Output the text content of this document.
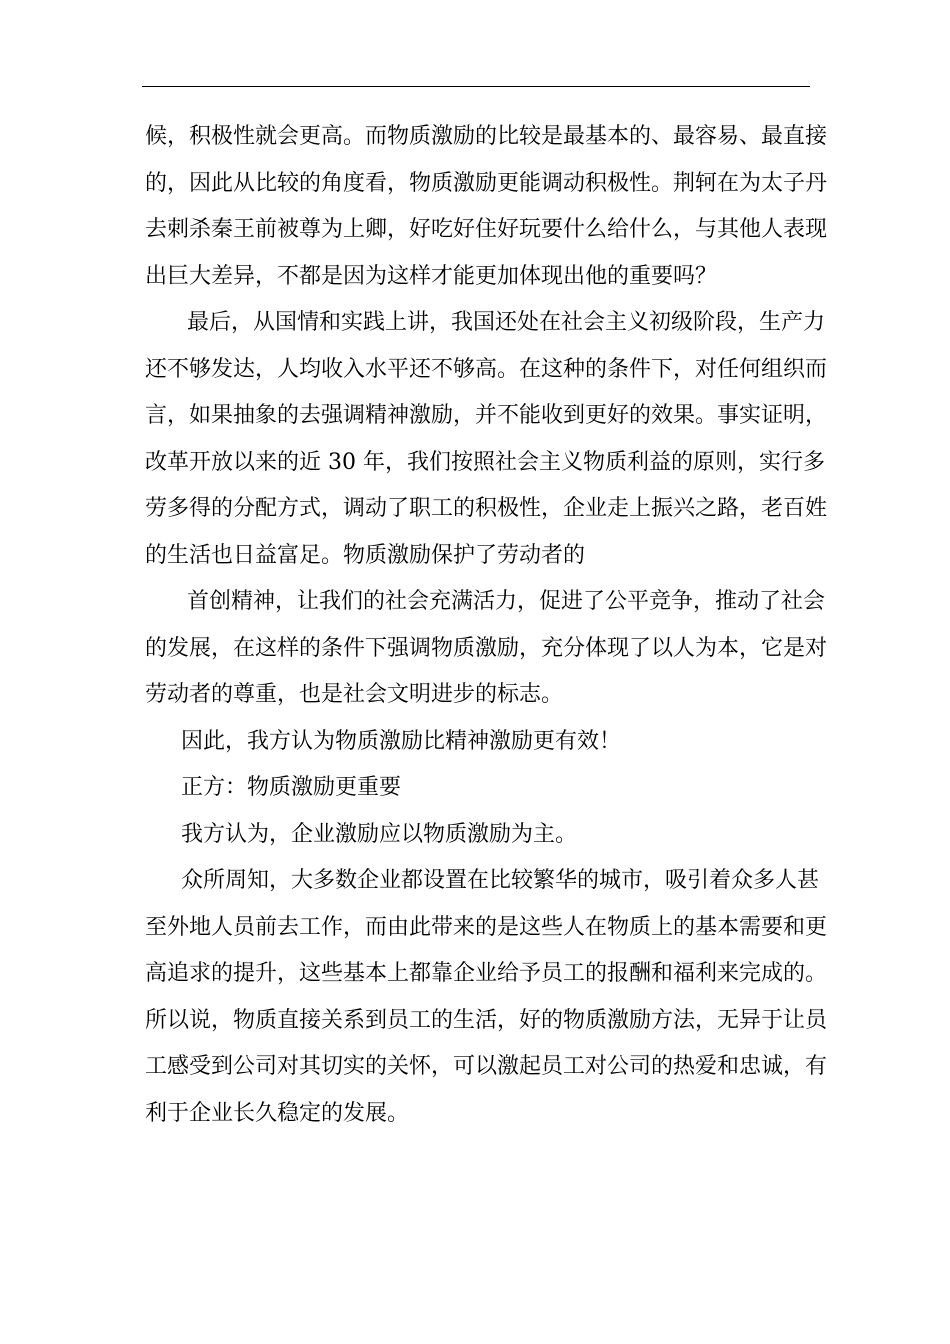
候，积极性就会更高。而物质激励的比较是最基本的、最容易、最直接
的，因此从比较的角度看，物质激励更能调动积极性。荆轲在为太子丹
去刺杀秦王前被尊为上卿，好吃好住好玩要什么给什么，与其他人表现
出巨大差异，不都是因为这样才能更加体现出他的重要吗？
最后，从国情和实践上讲，我国还处在社会主义初级阶段，生产力
还不够发达，人均收入水平还不够高。在这种的条件下，对任何组织而
言，如果抽象的去强调精神激励，并不能收到更好的效果。事实证明，
改革开放以来的近 30 年，我们按照社会主义物质利益的原则，实行多
劳多得的分配方式，调动了职工的积极性，企业走上振兴之路，老百姓
的生活也日益富足。物质激励保护了劳动者的
首创精神，让我们的社会充满活力，促进了公平竞争，推动了社会
的发展，在这样的条件下强调物质激励，充分体现了以人为本，它是对
劳动者的尊重，也是社会文明进步的标志。
因此，我方认为物质激励比精神激励更有效！
正方：物质激励更重要
我方认为，企业激励应以物质激励为主。
众所周知，大多数企业都设置在比较繁华的城市，吸引着众多人甚
至外地人员前去工作，而由此带来的是这些人在物质上的基本需要和更
高追求的提升，这些基本上都靠企业给予员工的报酬和福利来完成的。
所以说，物质直接关系到员工的生活，好的物质激励方法，无异于让员
工感受到公司对其切实的关怀，可以激起员工对公司的热爱和忠诚，有
利于企业长久稳定的发展。
